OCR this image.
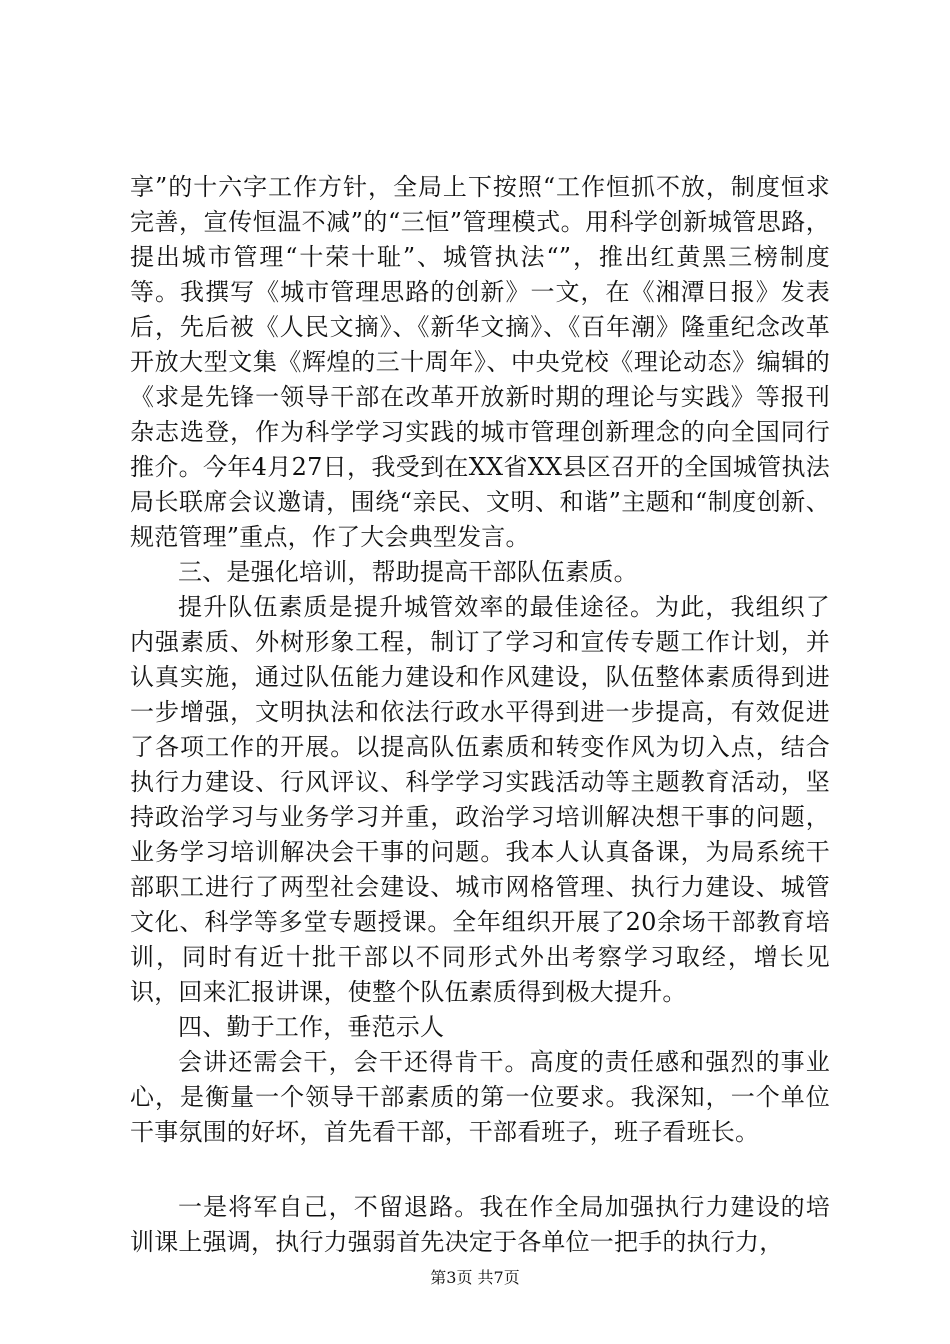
享”的十六字工作方针，全局上下按照“工作恒抓不放，制度恒求完善，宣传恒温不减”的“三恒”管理模式。用科学创新城管思路，提出城市管理“十荣十耻”、城管执法“”，推出红黄黑三榜制度等。我撰写《城市管理思路的创新》一文，在《湘潭日报》发表后，先后被《人民文摘》、《新华文摘》、《百年潮》隆重纪念改革开放大型文集《辉煌的三十周年》、中央党校《理论动态》编辑的《求是先锋一领导干部在改革开放新时期的理论与实践》等报刊杂志选登，作为科学学习实践的城市管理创新理念的向全国同行推介。今年4月27日，我受到在XX省XX县区召开的全国城管执法局长联席会议邀请，围绕“亲民、文明、和谐”主题和“制度创新、规范管理”重点，作了大会典型发言。

三、是强化培训，帮助提高干部队伍素质。

提升队伍素质是提升城管效率的最佳途径。为此，我组织了内强素质、外树形象工程，制订了学习和宣传专题工作计划，并认真实施，通过队伍能力建设和作风建设，队伍整体素质得到进一步增强，文明执法和依法行政水平得到进一步提高，有效促进了各项工作的开展。以提高队伍素质和转变作风为切入点，结合执行力建设、行风评议、科学学习实践活动等主题教育活动，坚持政治学习与业务学习并重，政治学习培训解决想干事的问题，业务学习培训解决会干事的问题。我本人认真备课，为局系统干部职工进行了两型社会建设、城市网格管理、执行力建设、城管文化、科学等多堂专题授课。全年组织开展了20余场干部教育培训，同时有近十批干部以不同形式外出考察学习取经，增长见识，回来汇报讲课，使整个队伍素质得到极大提升。

四、勤于工作，垂范示人

会讲还需会干，会干还得肯干。高度的责任感和强烈的事业心，是衡量一个领导干部素质的第一位要求。我深知，一个单位干事氛围的好坏，首先看干部，干部看班子，班子看班长。

一是将军自己，不留退路。我在作全局加强执行力建设的培训课上强调，执行力强弱首先决定于各单位一把手的执行力，

第3页 共7页
